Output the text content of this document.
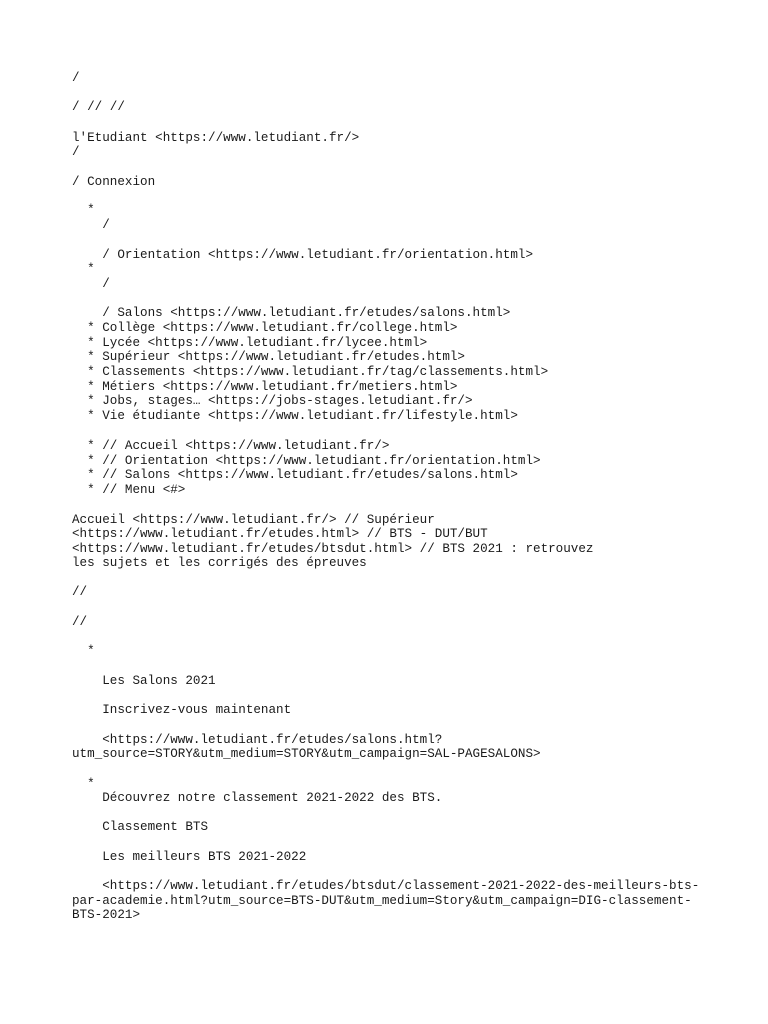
/

/ // //

l'Etudiant <https://www.letudiant.fr/>

/

/ Connexion

*

/

/ Orientation <https://www.letudiant.fr/orientation.html>

*

/

/ Salons <https://www.letudiant.fr/etudes/salons.html>

* Collège <https://www.letudiant.fr/college.html>

* Lycée <https://www.letudiant.fr/lycee.html>

* Supérieur <https://www.letudiant.fr/etudes.html>

* Classements <https://www.letudiant.fr/tag/classements.html>

* Métiers <https://www.letudiant.fr/metiers.html>

* Jobs, stages… <https://jobs-stages.letudiant.fr/>

* Vie étudiante <https://www.letudiant.fr/lifestyle.html>

* // Accueil <https://www.letudiant.fr/>

* // Orientation <https://www.letudiant.fr/orientation.html>

* // Salons <https://www.letudiant.fr/etudes/salons.html>

* // Menu <#>

Accueil <https://www.letudiant.fr/> // Supérieur

<https://www.letudiant.fr/etudes.html> // BTS - DUT/BUT

<https://www.letudiant.fr/etudes/btsdut.html> // BTS 2021 : retrouvez

les sujets et les corrigés des épreuves

//

//

*

Les Salons 2021

Inscrivez-vous maintenant

<https://www.letudiant.fr/etudes/salons.html?

utm_source=STORY&utm_medium=STORY&utm_campaign=SAL-PAGESALONS>

*

Découvrez notre classement 2021-2022 des BTS.

Classement BTS

Les meilleurs BTS 2021-2022

<https://www.letudiant.fr/etudes/btsdut/classement-2021-2022-des-meilleurs-bts-

par-academie.html?utm_source=BTS-DUT&utm_medium=Story&utm_campaign=DIG-classement-

BTS-2021>
